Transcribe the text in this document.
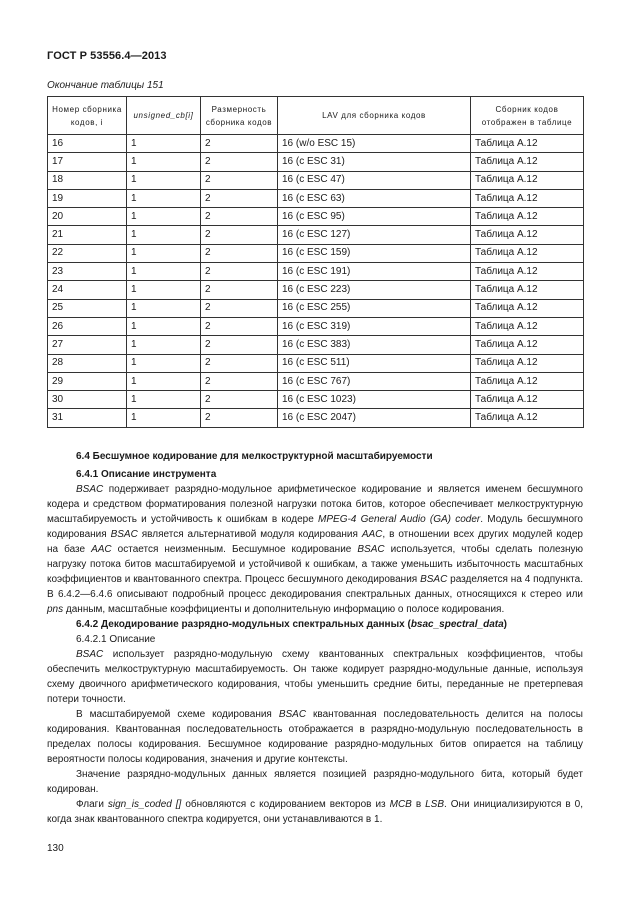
ГОСТ Р 53556.4—2013
Окончание таблицы 151
Номер сборника кодов, i	unsigned_cb[i]	Размерность сборника кодов	LAV для сборника кодов	Сборник кодов отображен в таблице
16	1	2	16 (w/o ESC 15)	Таблица А.12
17	1	2	16 (с ESC 31)	Таблица А.12
18	1	2	16 (с ESC 47)	Таблица А.12
19	1	2	16 (с ESC 63)	Таблица А.12
20	1	2	16 (с ESC 95)	Таблица А.12
21	1	2	16 (с ESC 127)	Таблица А.12
22	1	2	16 (с ESC 159)	Таблица А.12
23	1	2	16 (с ESC 191)	Таблица А.12
24	1	2	16 (с ESC 223)	Таблица А.12
25	1	2	16 (с ESC 255)	Таблица А.12
26	1	2	16 (с ESC 319)	Таблица А.12
27	1	2	16 (с ESC 383)	Таблица А.12
28	1	2	16 (с ESC 511)	Таблица А.12
29	1	2	16 (с ESC 767)	Таблица А.12
30	1	2	16 (с ESC 1023)	Таблица А.12
31	1	2	16 (с ESC 2047)	Таблица А.12

6.4 Бесшумное кодирование для мелкоструктурной масштабируемости

6.4.1 Описание инструмента

BSAC подерживает разрядно-модульное арифметическое кодирование и является именем бесшумного кодера и средством форматирования полезной нагрузки потока битов, которое обеспечивает мелкоструктурную масштабируемость и устойчивость к ошибкам в кодере MPEG-4 General Audio (GA) coder. Модуль бесшумного кодирования BSAC является альтернативой модуля кодирования AAC, в отношении всех других модулей кодер на базе AAC остается неизменным. Бесшумное кодирование BSAC используется, чтобы сделать полезную нагрузку потока битов масштабируемой и устойчивой к ошибкам, а также уменьшить избыточность масштабных коэффициентов и квантованного спектра. Процесс бесшумного декодирования BSAC разделяется на 4 подпункта. В 6.4.2—6.4.6 описывают подробный процесс декодирования спектральных данных, относящихся к стерео или pns данным, масштабные коэффициенты и дополнительную информацию о полосе кодирования.

6.4.2 Декодирование разрядно-модульных спектральных данных (bsac_spectral_data)

6.4.2.1 Описание

BSAC использует разрядно-модульную схему квантованных спектральных коэффициентов, чтобы обеспечить мелкоструктурную масштабируемость. Он также кодирует разрядно-модульные данные, используя схему двоичного арифметического кодирования, чтобы уменьшить средние биты, переданные не претерпевая потери точности.

В масштабируемой схеме кодирования BSAC квантованная последовательность делится на полосы кодирования. Квантованная последовательность отображается в разрядно-модульную последовательность в пределах полосы кодирования. Бесшумное кодирование разрядно-модульных битов опирается на таблицу вероятности полосы кодирования, значения и другие контексты.

Значение разрядно-модульных данных является позицией разрядно-модульного бита, который будет кодирован.

Флаги sign_is_coded [] обновляются с кодированием векторов из MCB в LSB. Они инициализируются в 0, когда знак квантованного спектра кодируется, они устанавливаются в 1.

130
